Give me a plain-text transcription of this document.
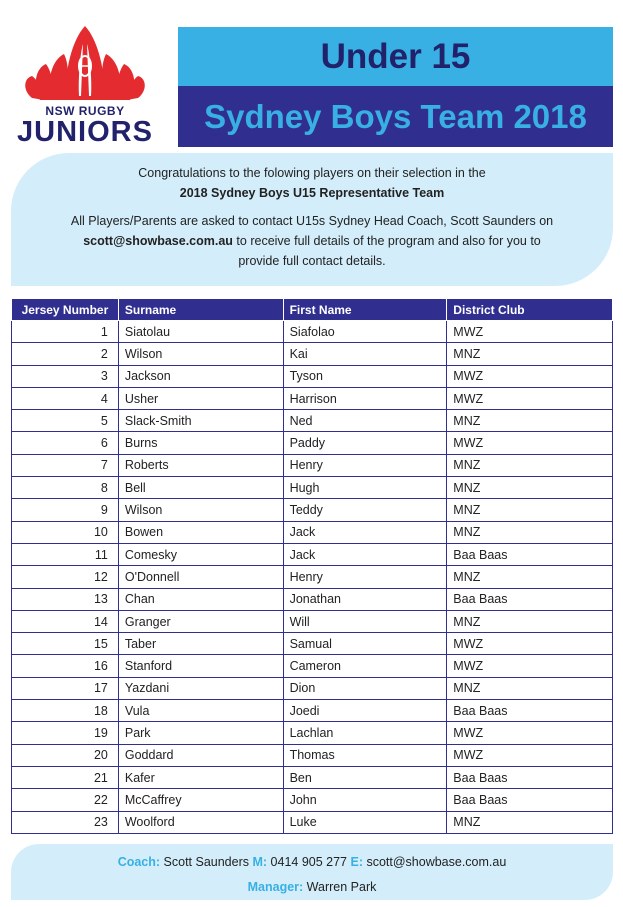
NSW RUGBY
JUNIORS
Under 15
Sydney Boys Team 2018

Congratulations to the folowing players on their selection in the

2018 Sydney Boys U15 Representative Team

All Players/Parents are asked to contact U15s Sydney Head Coach, Scott Saunders on

scott@showbase.com.au to receive full details of the program and also for you to

provide full contact details.

Jersey Number	Surname	First Name	District Club
1	Siatolau	Siafolao	MWZ
2	Wilson	Kai	MNZ
3	Jackson	Tyson	MWZ
4	Usher	Harrison	MWZ
5	Slack-Smith	Ned	MNZ
6	Burns	Paddy	MWZ
7	Roberts	Henry	MNZ
8	Bell	Hugh	MNZ
9	Wilson	Teddy	MNZ
10	Bowen	Jack	MNZ
11	Comesky	Jack	Baa Baas
12	O'Donnell	Henry	MNZ
13	Chan	Jonathan	Baa Baas
14	Granger	Will	MNZ
15	Taber	Samual	MWZ
16	Stanford	Cameron	MWZ
17	Yazdani	Dion	MNZ
18	Vula	Joedi	Baa Baas
19	Park	Lachlan	MWZ
20	Goddard	Thomas	MWZ
21	Kafer	Ben	Baa Baas
22	McCaffrey	John	Baa Baas
23	Woolford	Luke	MNZ
Coach: Scott Saunders M: 0414 905 277 E: scott@showbase.com.au
Manager: Warren Park
